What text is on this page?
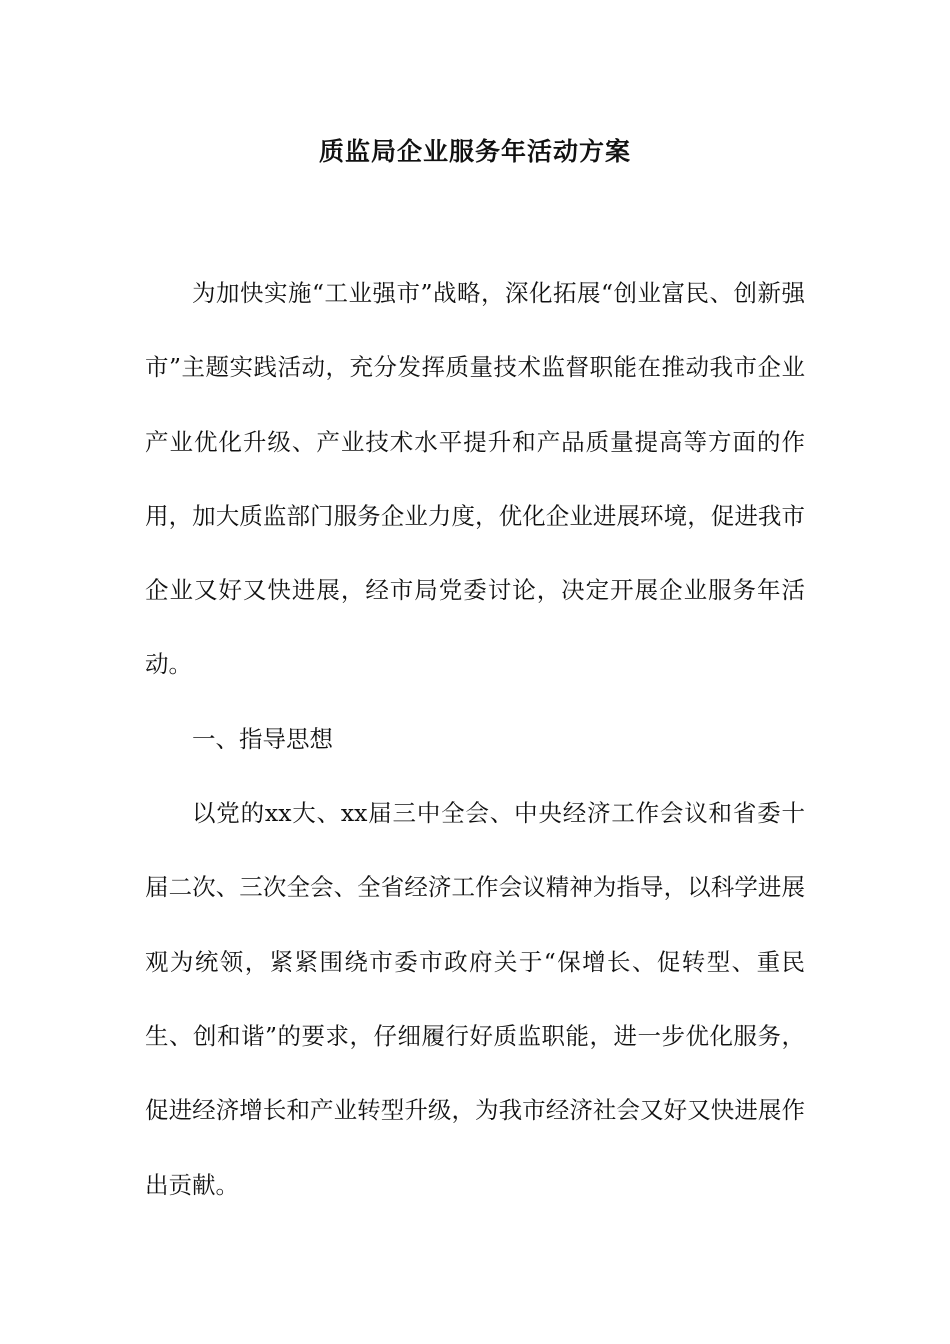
质监局企业服务年活动方案

为加快实施“工业强市”战略，深化拓展“创业富民、创新强市”主题实践活动，充分发挥质量技术监督职能在推动我市企业产业优化升级、产业技术水平提升和产品质量提高等方面的作用，加大质监部门服务企业力度，优化企业进展环境，促进我市企业又好又快进展，经市局党委讨论，决定开展企业服务年活动。

一、指导思想

以党的xx大、xx届三中全会、中央经济工作会议和省委十届二次、三次全会、全省经济工作会议精神为指导，以科学进展观为统领，紧紧围绕市委市政府关于“保增长、促转型、重民生、创和谐”的要求，仔细履行好质监职能，进一步优化服务，促进经济增长和产业转型升级，为我市经济社会又好又快进展作出贡献。
